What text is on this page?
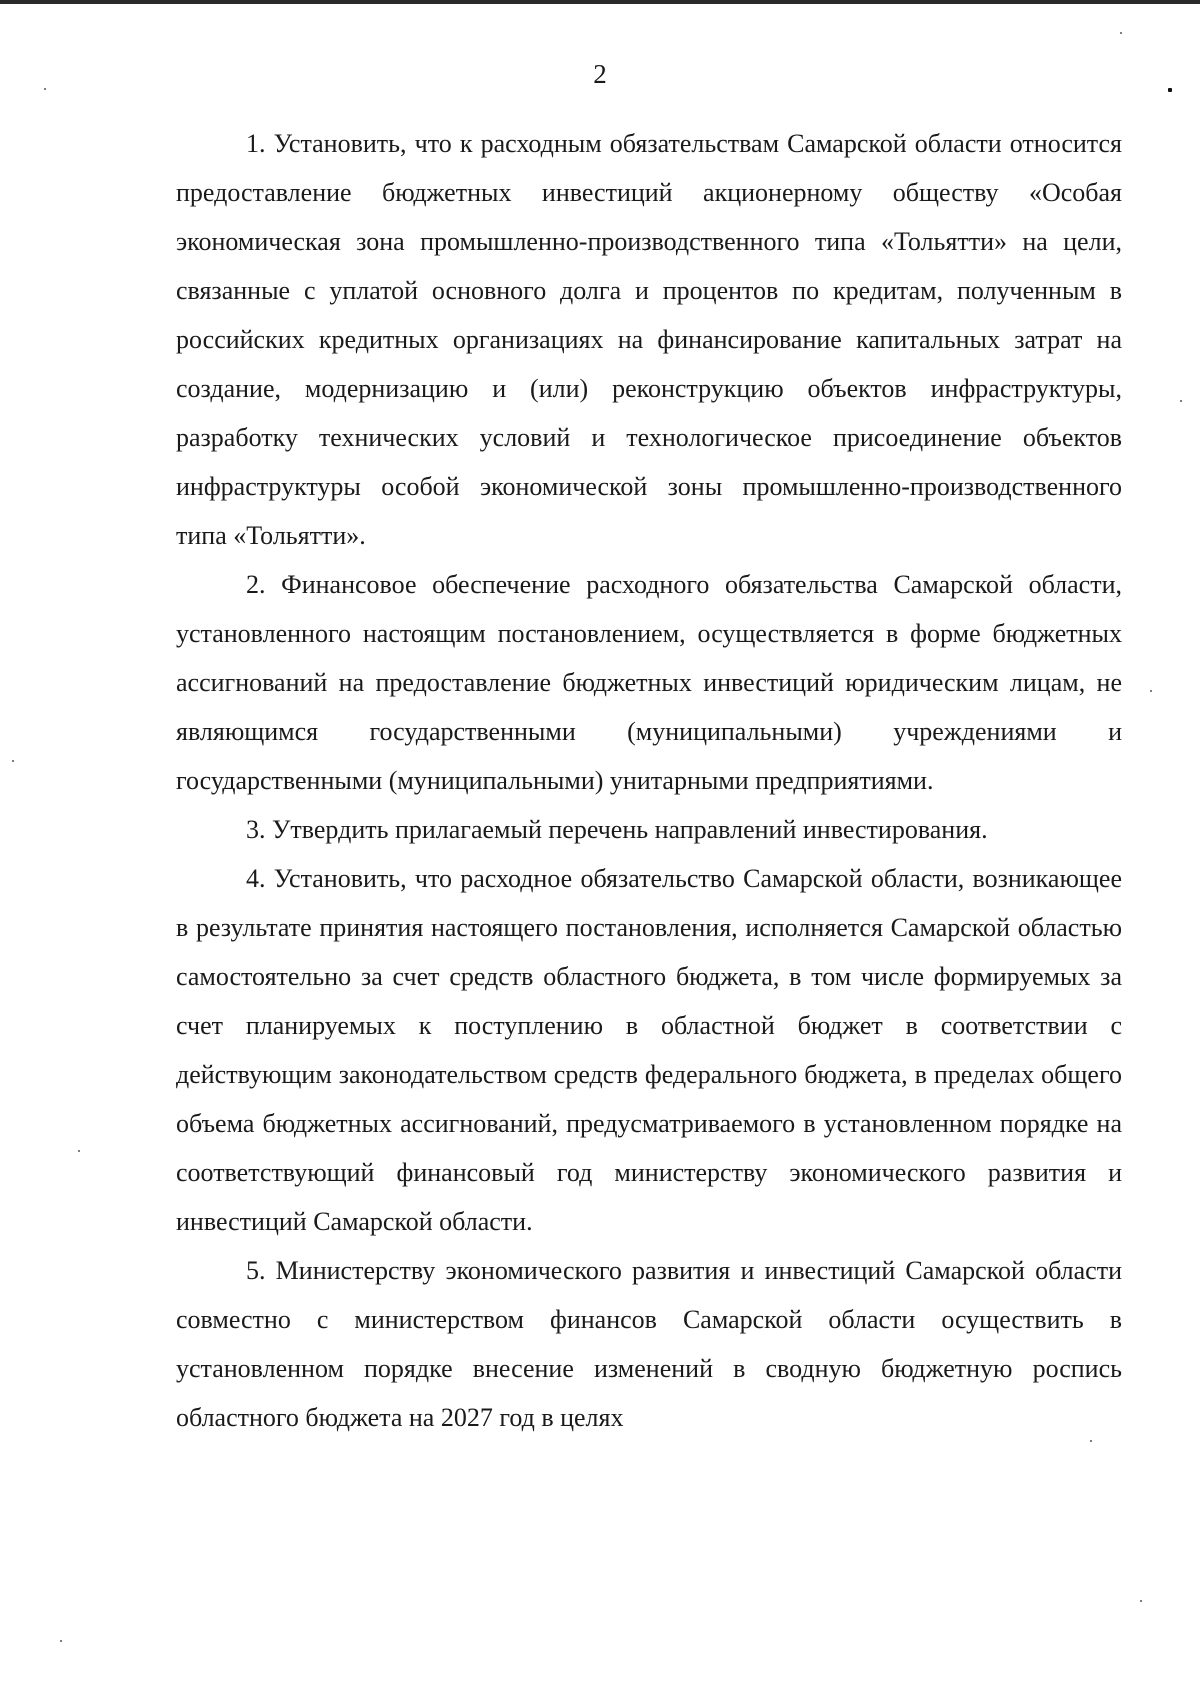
2

1. Установить, что к расходным обязательствам Самарской области относится предоставление бюджетных инвестиций акционерному обществу «Особая экономическая зона промышленно-производственного типа «Тольятти» на цели, связанные с уплатой основного долга и процентов по кредитам, полученным в российских кредитных организациях на финансирование капитальных затрат на создание, модернизацию и (или) реконструкцию объектов инфраструктуры, разработку технических условий и технологическое присоединение объектов инфраструктуры особой экономической зоны промышленно-производственного типа «Тольятти».

2. Финансовое обеспечение расходного обязательства Самарской области, установленного настоящим постановлением, осуществляется в форме бюджетных ассигнований на предоставление бюджетных инвестиций юридическим лицам, не являющимся государственными (муниципальными) учреждениями и государственными (муниципальными) унитарными предприятиями.

3. Утвердить прилагаемый перечень направлений инвестирования.

4. Установить, что расходное обязательство Самарской области, возникающее в результате принятия настоящего постановления, исполняется Самарской областью самостоятельно за счет средств областного бюджета, в том числе формируемых за счет планируемых к поступлению в областной бюджет в соответствии с действующим законодательством средств федерального бюджета, в пределах общего объема бюджетных ассигнований, предусматриваемого в установленном порядке на соответствующий финансовый год министерству экономического развития и инвестиций Самарской области.

5. Министерству экономического развития и инвестиций Самарской области совместно с министерством финансов Самарской области осуществить в установленном порядке внесение изменений в сводную бюджетную роспись областного бюджета на 2027 год в целях
